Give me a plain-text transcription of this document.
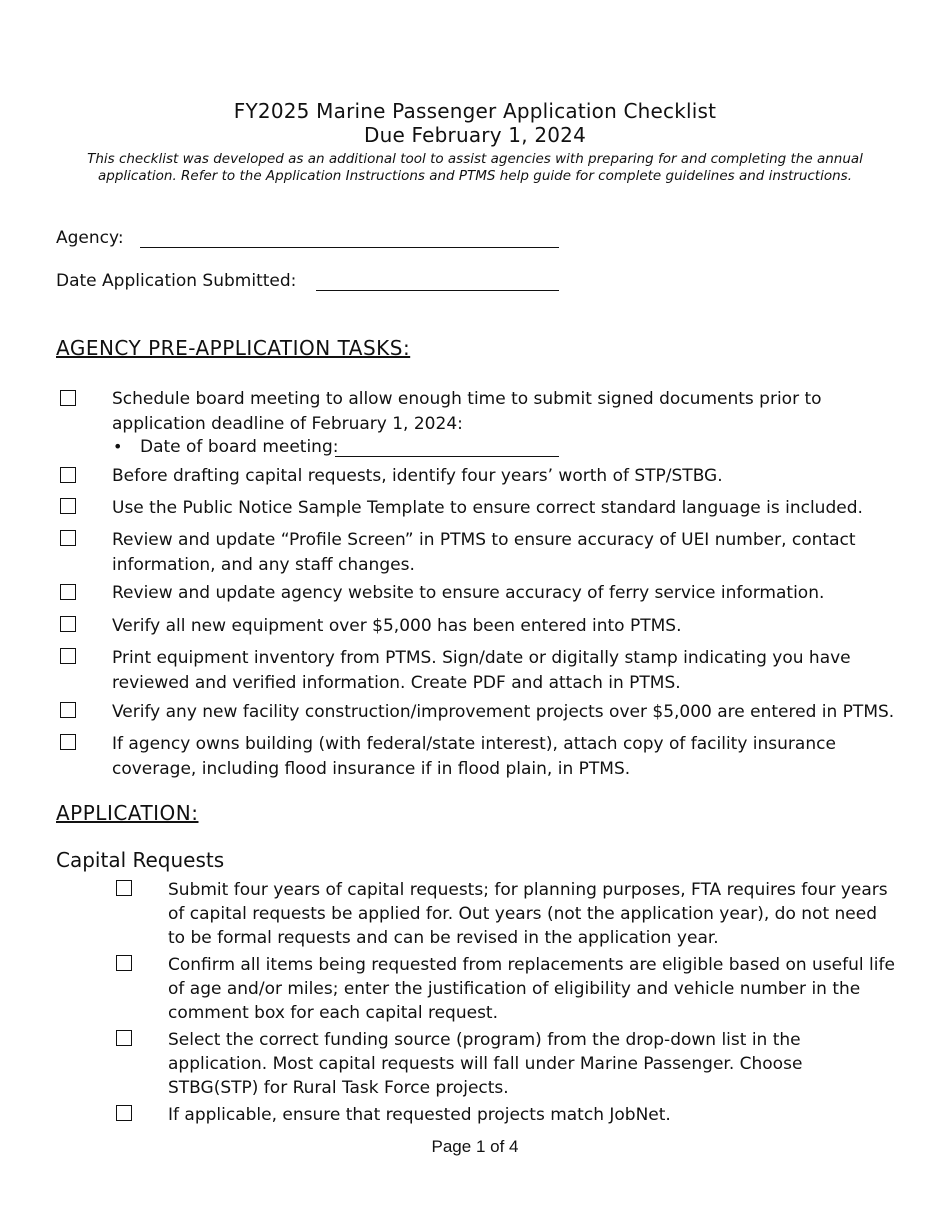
FY2025 Marine Passenger Application Checklist
Due February 1, 2024
This checklist was developed as an additional tool to assist agencies with preparing for and completing the annual application. Refer to the Application Instructions and PTMS help guide for complete guidelines and instructions.
Agency:
Date Application Submitted:
AGENCY PRE-APPLICATION TASKS:
Schedule board meeting to allow enough time to submit signed documents prior to application deadline of February 1, 2024:
• Date of board meeting:
Before drafting capital requests, identify four years’ worth of STP/STBG.
Use the Public Notice Sample Template to ensure correct standard language is included.
Review and update “Profile Screen” in PTMS to ensure accuracy of UEI number, contact information, and any staff changes.
Review and update agency website to ensure accuracy of ferry service information.
Verify all new equipment over $5,000 has been entered into PTMS.
Print equipment inventory from PTMS. Sign/date or digitally stamp indicating you have reviewed and verified information. Create PDF and attach in PTMS.
Verify any new facility construction/improvement projects over $5,000 are entered in PTMS.
If agency owns building (with federal/state interest), attach copy of facility insurance coverage, including flood insurance if in flood plain, in PTMS.
APPLICATION:
Capital Requests
Submit four years of capital requests; for planning purposes, FTA requires four years of capital requests be applied for. Out years (not the application year), do not need to be formal requests and can be revised in the application year.
Confirm all items being requested from replacements are eligible based on useful life of age and/or miles; enter the justification of eligibility and vehicle number in the comment box for each capital request.
Select the correct funding source (program) from the drop-down list in the application. Most capital requests will fall under Marine Passenger. Choose STBG(STP) for Rural Task Force projects.
If applicable, ensure that requested projects match JobNet.
Page 1 of 4
